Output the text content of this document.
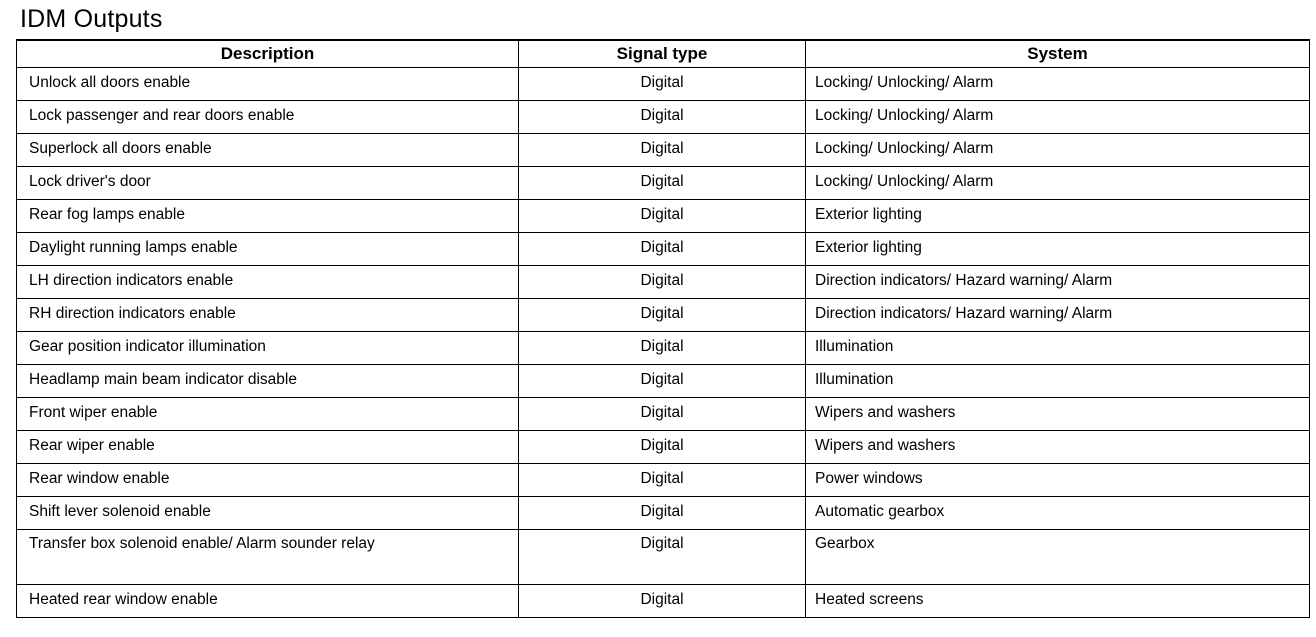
IDM Outputs
Description	Signal type	System
Unlock all doors enable	Digital	Locking/ Unlocking/ Alarm
Lock passenger and rear doors enable	Digital	Locking/ Unlocking/ Alarm
Superlock all doors enable	Digital	Locking/ Unlocking/ Alarm
Lock driver's door	Digital	Locking/ Unlocking/ Alarm
Rear fog lamps enable	Digital	Exterior lighting
Daylight running lamps enable	Digital	Exterior lighting
LH direction indicators enable	Digital	Direction indicators/ Hazard warning/ Alarm
RH direction indicators enable	Digital	Direction indicators/ Hazard warning/ Alarm
Gear position indicator illumination	Digital	Illumination
Headlamp main beam indicator disable	Digital	Illumination
Front wiper enable	Digital	Wipers and washers
Rear wiper enable	Digital	Wipers and washers
Rear window enable	Digital	Power windows
Shift lever solenoid enable	Digital	Automatic gearbox
Transfer box solenoid enable/ Alarm sounder relay	Digital	Gearbox
Heated rear window enable	Digital	Heated screens
